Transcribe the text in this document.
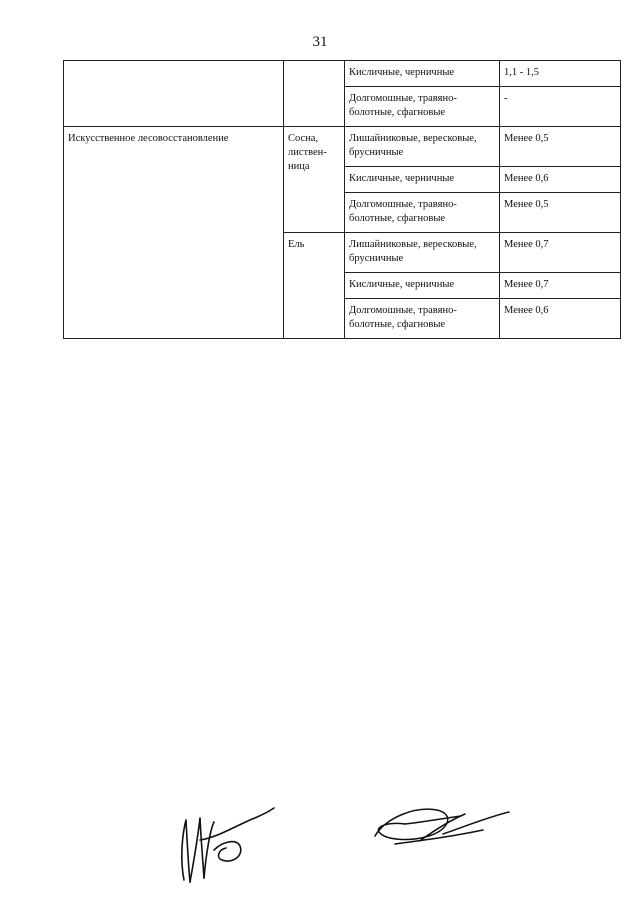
31
		Кисличные, черничные	1,1 - 1,5
		Долгомошные, травяно-болотные, сфагновые	-
Искусственное лесовосстановление	Сосна, листвен-ница	Лишайниковые, вересковые, брусничные	Менее 0,5
		Кисличные, черничные	Менее 0,6
		Долгомошные, травяно-болотные, сфагновые	Менее 0,5
	Ель	Лишайниковые, вересковые, брусничные	Менее 0,7
		Кисличные, черничные	Менее 0,7
		Долгомошные, травяно-болотные, сфагновые	Менее 0,6
